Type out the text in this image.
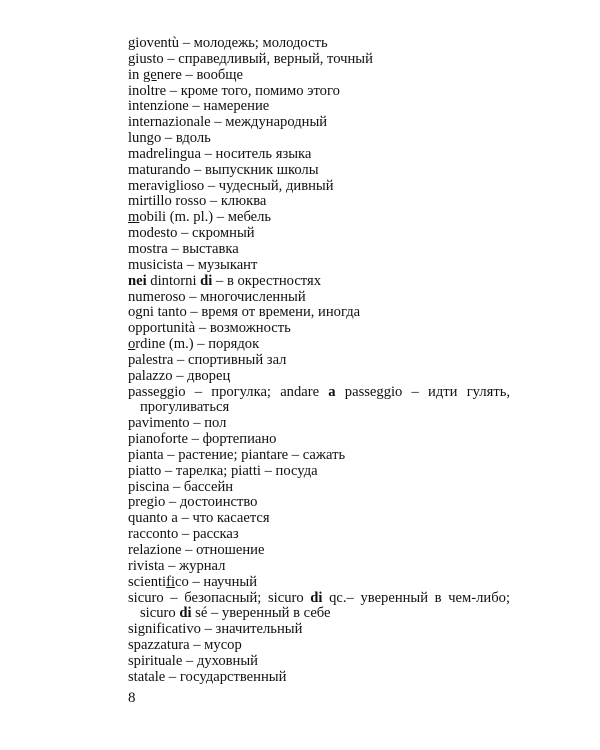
gioventù – молодежь; молодость
giusto – справедливый, верный, точный
in genere – вообще
inoltre – кроме того, помимо этого
intenzione – намерение
internazionale – международный
lungo – вдоль
madrelingua – носитель языка
maturando – выпускник школы
meraviglioso – чудесный, дивный
mirtillo rosso – клюква
mobili (m. pl.) – мебель
modesto – скромный
mostra – выставка
musicista – музыкант
nei dintorni di – в окрестностях
numeroso – многочисленный
ogni tanto – время от времени, иногда
opportunità – возможность
ordine (m.) – порядок
palestra – спортивный зал
palazzo – дворец
passeggio – прогулка; andare a passeggio – идти гулять, прогуливаться
pavimento – пол
pianoforte – фортепиано
pianta – растение; piantare – сажать
piatto – тарелка; piatti – посуда
piscina – бассейн
pregio – достоинство
quanto a – что касается
racconto – рассказ
relazione – отношение
rivista – журнал
scientifico – научный
sicuro – безопасный; sicuro di qc.– уверенный в чем-либо; sicuro di sé – уверенный в себе
significativo – значительный
spazzatura – мусор
spirituale – духовный
statale – государственный
8
